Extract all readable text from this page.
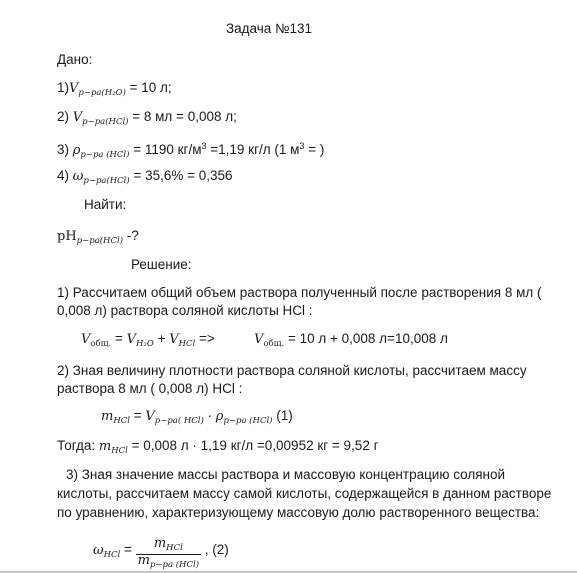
Задача №131
Дано:
$1)V_{р-ра(H_2O)} = 10$ л;
2) $V_{р-ра(HCl)} = 8$ мл = 0,008 л;
3) $\rho_{р-ра (HCl)} = 1190$ $кг/м^3 =1,19$ кг/л (1 $м^3$ = )
4) $\omega_{р-ра(HCl)} = 35,6\% = 0,356$
Найти:
$pH_{р-ра(HCl)}$ -?
Решение:
1) Рассчитаем общий объем раствора полученный после растворения 8 мл (
0,008 л) раствора соляной кислоты HCl :
$V_{общ.} = V_{H_2O} + V_{HCl}$ =>	$V_{общ.} = 10$ л + 0,008 л=10,008 л
2) Зная величину плотности раствора соляной кислоты, рассчитаем массу
раствора 8 мл ( 0,008 л) HCl :
$m_{HCl} = V_{р-ра( HCl)} \cdot \rho_{р-ра (HCl)}$ (1)
Тогда: $m_{HCl} = 0,008$ л · 1,19 кг/л =0,00952 кг = 9,52 г
3) Зная значение массы раствора и массовую концентрацию соляной
кислоты, рассчитаем массу самой кислоты, содержащейся в данном растворе
по уравнению, характеризующему массовую долю растворенного вещества:
$\omega_{HCl} = \frac{\text{mHCl}}{\text{mр−ра (HCl)}}$ , (2)
